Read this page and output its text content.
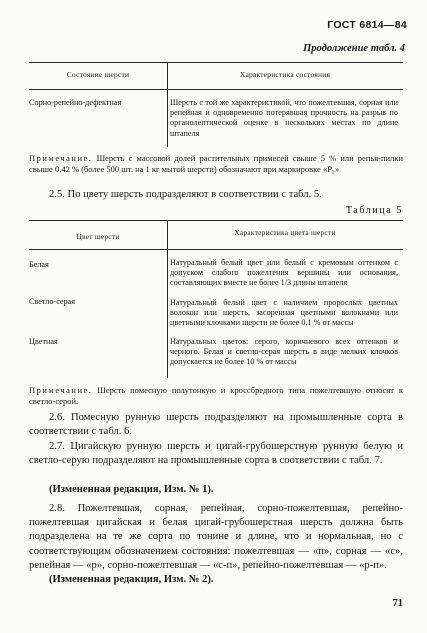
ГОСТ 6814—84
Продолжение табл. 4
Состояние шерсти	Характеристика состояния
Сорно-репейно-дефектная	Шерсть с той же характеристикой, что пожелтевшая, сорная или репейная и одновременно потерявшая прочность на разрыв по органолептической оценке в нескольких местах по длине штапеля
Примечание. Шерсть с массовой долей растительных примесей свыше 5 % или репья-пилки свыше 0,42 % (более 500 шт. на 1 кг мытой шерсти) обозначают при маркировке «Р₂»
2.5. По цвету шерсть подразделяют в соответствии с табл. 5.
Таблица 5
Цвет шерсти	Характеристика цвета шерсти
Белая	Натуральный белый цвет или белый с кремовым оттенком с допуском слабого пожелтения вершины или основания, составляющих вместе не более 1/3 длины штапеля
Светло-серая	Натуральный белый цвет с наличием пророслых цветных волокон или шерсть, засоренная цветными волокнами или цветными клочками шерсти не более 0,1 % от массы
Цветная	Натуральных цветов: серого, коричневого всех оттенков и черного. Белая и светло-серая шерсть в виде мелких клочков допускается не более 10 % от массы
Примечание. Шерсть помесную полутонкую и кроссбредного типа пожелтевшую относят к светло-серой.
2.6. Помесную рунную шерсть подразделяют на промышленные сорта в соответствии с табл. 6.
2.7. Цигайскую рунную шерсть и цигай-грубошерстную рунную белую и светло-серую подразделяют на промышленные сорта в соответствии с табл. 7.
(Измененная редакция, Изм. № 1).
2.8. Пожелтевшая, сорная, репейная, сорно-пожелтевшая, репейно-пожелтевшая цигайская и белая цигай-грубошерстная шерсть должна быть подразделена на те же сорта по тонине и длине, что и нормальная, но с соответствующим обозначением состояния: пожелтевшая — «п», сорная — «с», репейная — «р», сорно-пожелтевшая — «с-п», репейно-пожелтевшая — «р-п».
(Измененная редакция, Изм. № 2).
71
